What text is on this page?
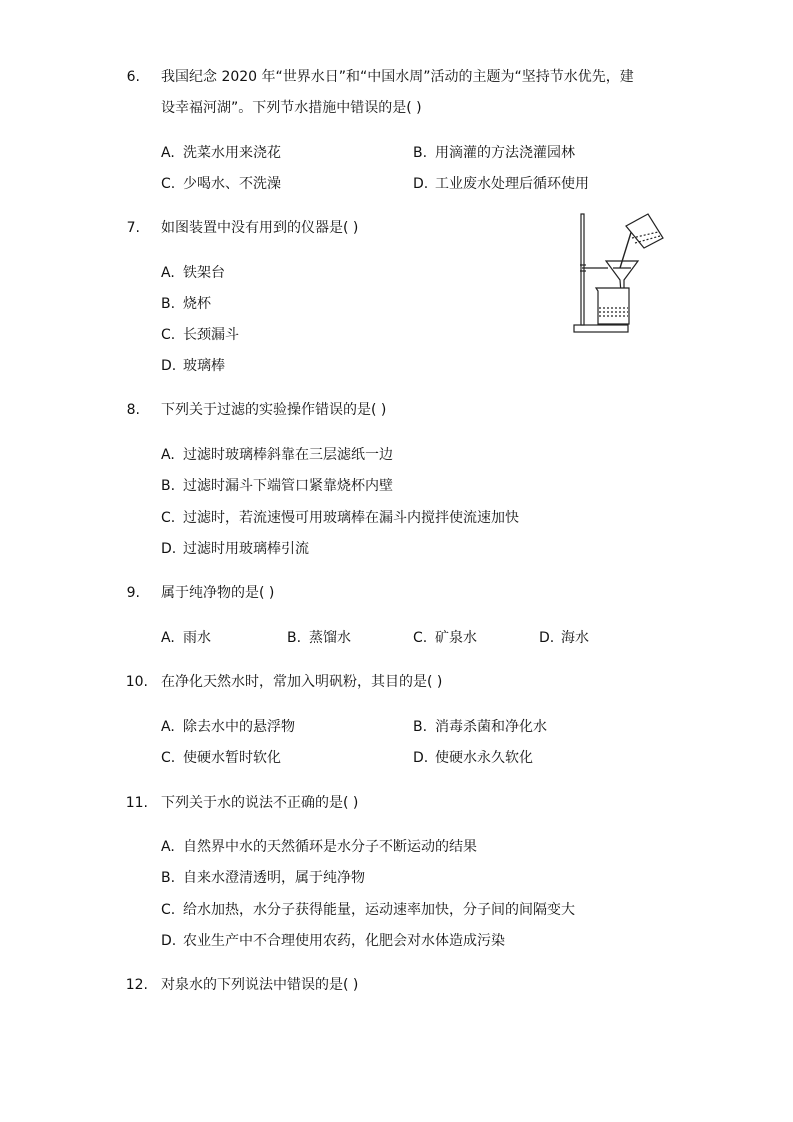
6. 我国纪念 2020 年“世界水日”和“中国水周”活动的主题为“坚持节水优先，建
设幸福河湖”。下列节水措施中错误的是( )
A. 洗菜水用来浇花	B. 用滴灌的方法浇灌园林
C. 少喝水、不洗澡	D. 工业废水处理后循环使用
7. 如图装置中没有用到的仪器是( )
A. 铁架台
B. 烧杯
C. 长颈漏斗
D. 玻璃棒
8. 下列关于过滤的实验操作错误的是( )
A. 过滤时玻璃棒斜靠在三层滤纸一边
B. 过滤时漏斗下端管口紧靠烧杯内壁
C. 过滤时，若流速慢可用玻璃棒在漏斗内搅拌使流速加快
D. 过滤时用玻璃棒引流
9. 属于纯净物的是( )
A. 雨水	B. 蒸馏水	C. 矿泉水	D. 海水
10. 在净化天然水时，常加入明矾粉，其目的是( )
A. 除去水中的悬浮物	B. 消毒杀菌和净化水
C. 使硬水暂时软化	D. 使硬水永久软化
11. 下列关于水的说法不正确的是( )
A. 自然界中水的天然循环是水分子不断运动的结果
B. 自来水澄清透明，属于纯净物
C. 给水加热，水分子获得能量，运动速率加快，分子间的间隔变大
D. 农业生产中不合理使用农药，化肥会对水体造成污染
12. 对泉水的下列说法中错误的是( )
